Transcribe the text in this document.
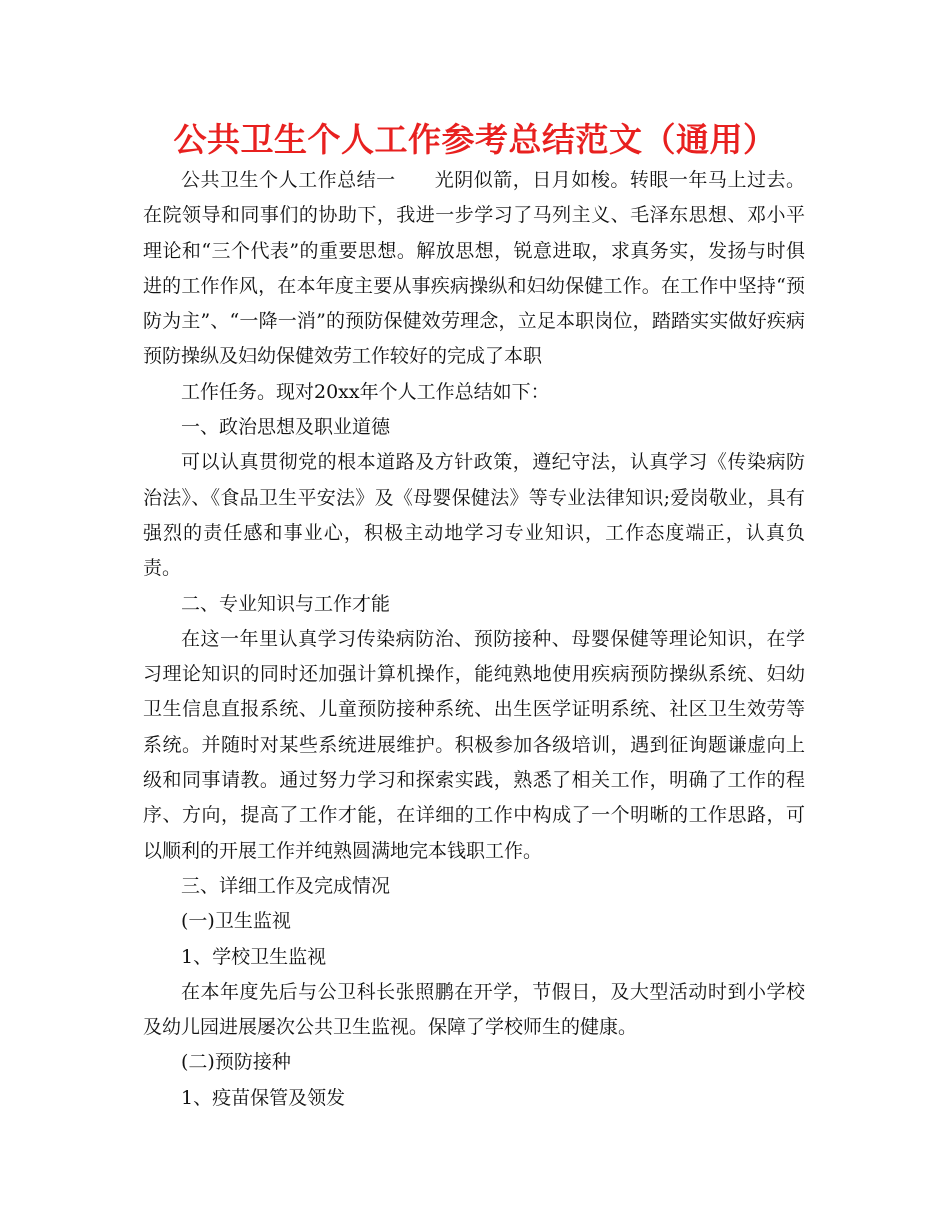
公共卫生个人工作参考总结范文（通用）

公共卫生个人工作总结一　　光阴似箭，日月如梭。转眼一年马上过去。在院领导和同事们的协助下，我进一步学习了马列主义、毛泽东思想、邓小平理论和“三个代表”的重要思想。解放思想，锐意进取，求真务实，发扬与时俱进的工作作风，在本年度主要从事疾病操纵和妇幼保健工作。在工作中坚持“预防为主”、“一降一消”的预防保健效劳理念，立足本职岗位，踏踏实实做好疾病预防操纵及妇幼保健效劳工作较好的完成了本职

工作任务。现对20xx年个人工作总结如下：

一、政治思想及职业道德

可以认真贯彻党的根本道路及方针政策，遵纪守法，认真学习《传染病防治法》、《食品卫生平安法》及《母婴保健法》等专业法律知识;爱岗敬业，具有强烈的责任感和事业心，积极主动地学习专业知识，工作态度端正，认真负责。

二、专业知识与工作才能

在这一年里认真学习传染病防治、预防接种、母婴保健等理论知识，在学习理论知识的同时还加强计算机操作，能纯熟地使用疾病预防操纵系统、妇幼卫生信息直报系统、儿童预防接种系统、出生医学证明系统、社区卫生效劳等系统。并随时对某些系统进展维护。积极参加各级培训，遇到征询题谦虚向上级和同事请教。通过努力学习和探索实践，熟悉了相关工作，明确了工作的程序、方向，提高了工作才能，在详细的工作中构成了一个明晰的工作思路，可以顺利的开展工作并纯熟圆满地完本钱职工作。

三、详细工作及完成情况

(一)卫生监视

1、学校卫生监视

在本年度先后与公卫科长张照鹏在开学，节假日，及大型活动时到小学校及幼儿园进展屡次公共卫生监视。保障了学校师生的健康。

(二)预防接种

1、疫苗保管及领发
